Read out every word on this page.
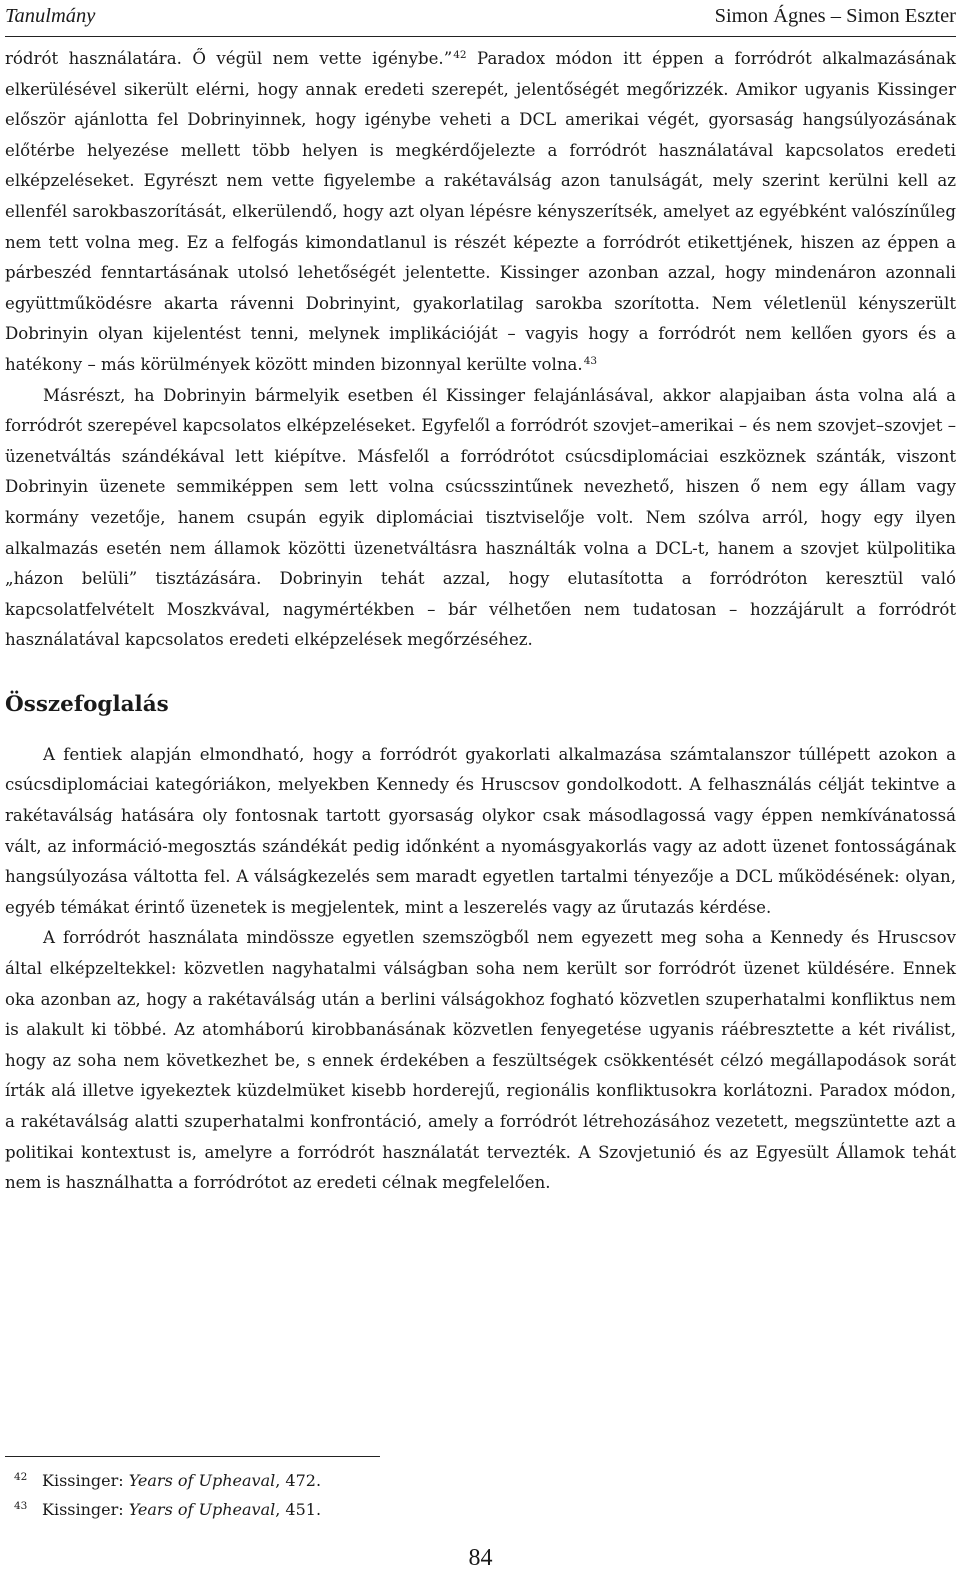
Tanulmány	Simon Ágnes – Simon Eszter

ródrót használatára. Ő végül nem vette igénybe.”$^{42}$ Paradox módon itt éppen a forródrót alkalmazásának elkerülésével sikerült elérni, hogy annak eredeti szerepét, jelentőségét megőrizzék. Amikor ugyanis Kissinger először ajánlotta fel Dobrinyinnek, hogy igénybe veheti a DCL amerikai végét, gyorsaság hangsúlyozásának előtérbe helyezése mellett több helyen is megkérdőjelezte a forródrót használatával kapcsolatos eredeti elképzeléseket. Egyrészt nem vette figyelembe a rakétaválság azon tanulságát, mely szerint kerülni kell az ellenfél sarokbaszorítását, elkerülendő, hogy azt olyan lépésre kényszerítsék, amelyet az egyébként valószínűleg nem tett volna meg. Ez a felfogás kimondatlanul is részét képezte a forródrót etikettjének, hiszen az éppen a párbeszéd fenntartásának utolsó lehetőségét jelentette. Kissinger azonban azzal, hogy mindenáron azonnali együttműködésre akarta rávenni Dobrinyint, gyakorlatilag sarokba szorította. Nem véletlenül kényszerült Dobrinyin olyan kijelentést tenni, melynek implikációját – vagyis hogy a forródrót nem kellően gyors és a hatékony – más körülmények között minden bizonnyal kerülte volna.$^{43}$

Másrészt, ha Dobrinyin bármelyik esetben él Kissinger felajánlásával, akkor alapjaiban ásta volna alá a forródrót szerepével kapcsolatos elképzeléseket. Egyfelől a forródrót szovjet–amerikai – és nem szovjet–szovjet – üzenetváltás szándékával lett kiépítve. Másfelől a forródrótot csúcsdiplomáciai eszköznek szánták, viszont Dobrinyin üzenete semmiképpen sem lett volna csúcsszintűnek nevezhető, hiszen ő nem egy állam vagy kormány vezetője, hanem csupán egyik diplomáciai tisztviselője volt. Nem szólva arról, hogy egy ilyen alkalmazás esetén nem államok közötti üzenetváltásra használták volna a DCL-t, hanem a szovjet külpolitika „házon belüli” tisztázására. Dobrinyin tehát azzal, hogy elutasította a forródróton keresztül való kapcsolatfelvételt Moszkvával, nagymértékben – bár vélhetően nem tudatosan – hozzájárult a forródrót használatával kapcsolatos eredeti elképzelések megőrzéséhez.

Összefoglalás

A fentiek alapján elmondható, hogy a forródrót gyakorlati alkalmazása számtalanszor túllépett azokon a csúcsdiplomáciai kategóriákon, melyekben Kennedy és Hruscsov gondolkodott. A felhasználás célját tekintve a rakétaválság hatására oly fontosnak tartott gyorsaság olykor csak másodlagossá vagy éppen nemkívánatossá vált, az információ-megosztás szándékát pedig időnként a nyomásgyakorlás vagy az adott üzenet fontosságának hangsúlyozása váltotta fel. A válságkezelés sem maradt egyetlen tartalmi tényezője a DCL működésének: olyan, egyéb témákat érintő üzenetek is megjelentek, mint a leszerelés vagy az űrutazás kérdése.

A forródrót használata mindössze egyetlen szemszögből nem egyezett meg soha a Kennedy és Hruscsov által elképzeltekkel: közvetlen nagyhatalmi válságban soha nem került sor forródrót üzenet küldésére. Ennek oka azonban az, hogy a rakétaválság után a berlini válságokhoz fogható közvetlen szuperhatalmi konfliktus nem is alakult ki többé. Az atomháború kirobbanásának közvetlen fenyegetése ugyanis ráébresztette a két riválist, hogy az soha nem következhet be, s ennek érdekében a feszültségek csökkentését célzó megállapodások sorát írták alá illetve igyekeztek küzdelmüket kisebb horderejű, regionális konfliktusokra korlátozni. Paradox módon, a rakétaválság alatti szuperhatalmi konfrontáció, amely a forródrót létrehozásához vezetett, megszüntette azt a politikai kontextust is, amelyre a forródrót használatát tervezték. A Szovjetunió és az Egyesült Államok tehát nem is használhatta a forródrótot az eredeti célnak megfelelően.

42 Kissinger: Years of Upheaval, 472.
43 Kissinger: Years of Upheaval, 451.
84
